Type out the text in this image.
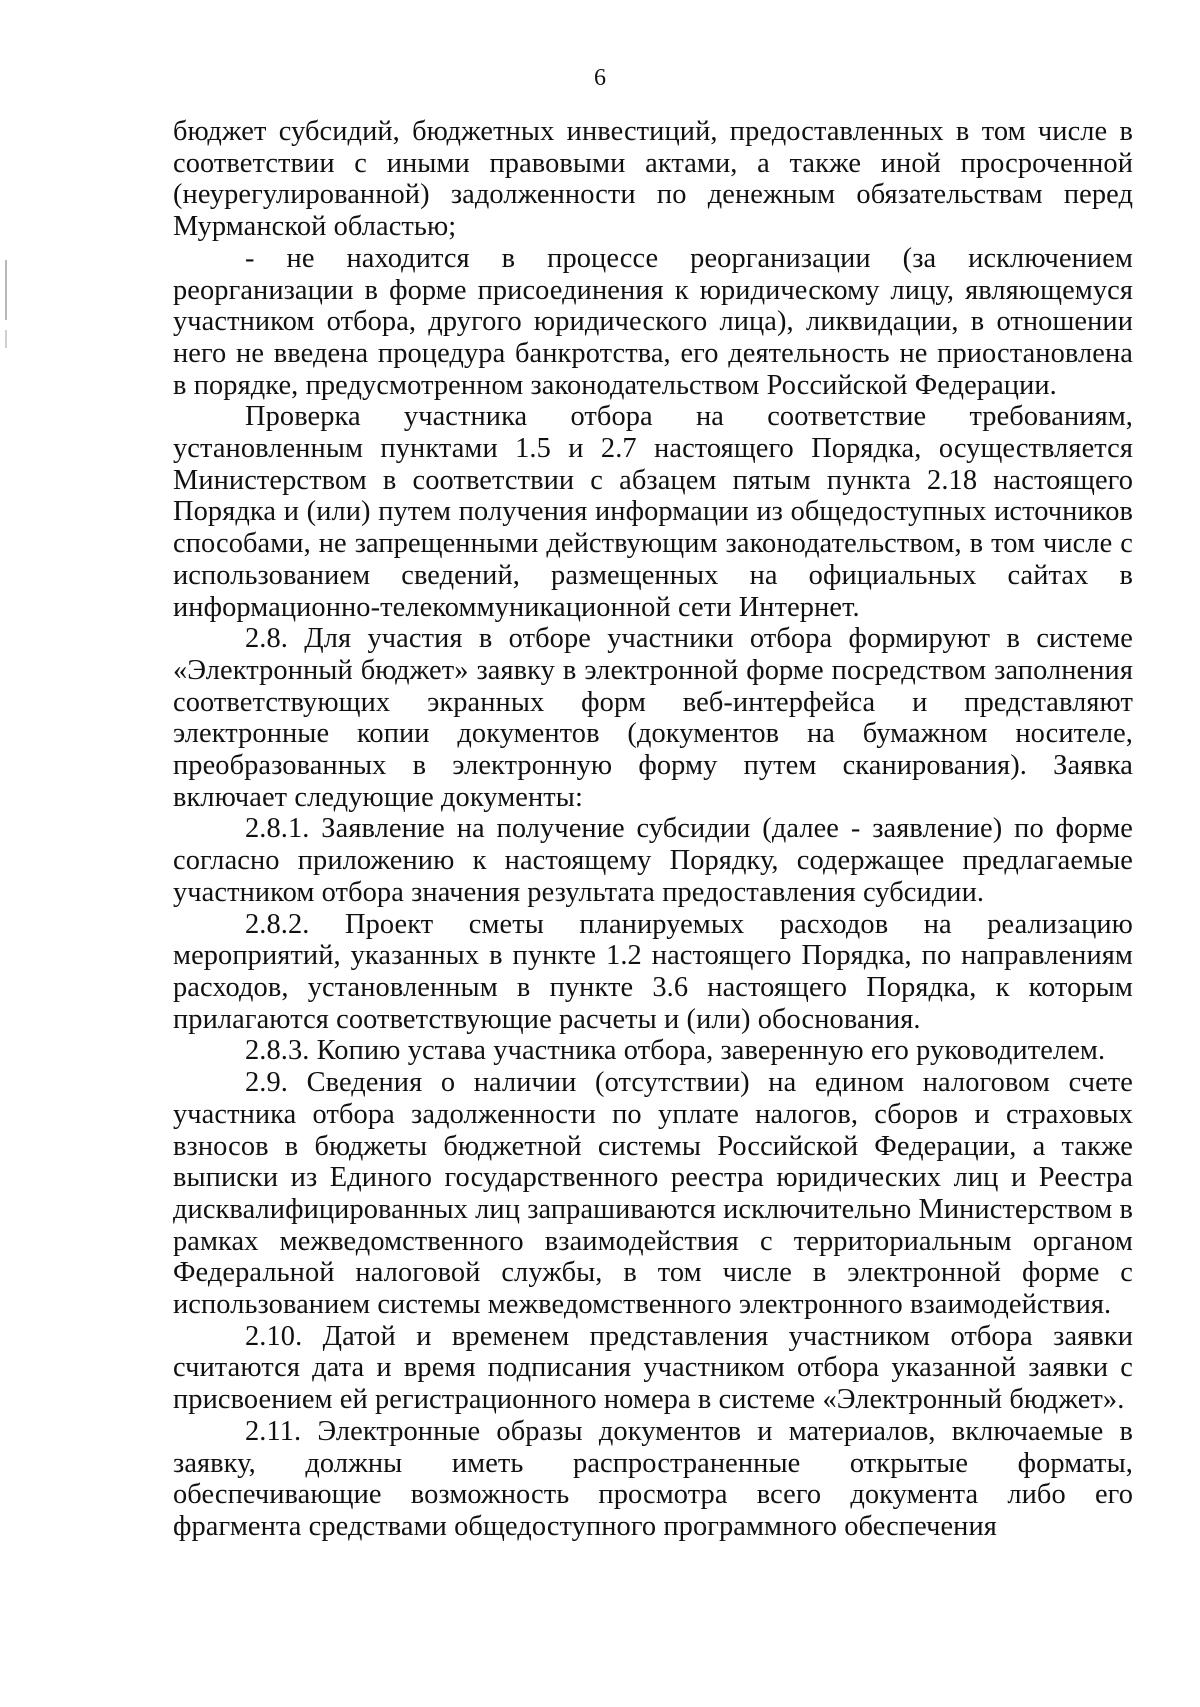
6

бюджет субсидий, бюджетных инвестиций, предоставленных в том числе в соответствии с иными правовыми актами, а также иной просроченной (неурегулированной) задолженности по денежным обязательствам перед Мурманской областью;

- не находится в процессе реорганизации (за исключением реорганизации в форме присоединения к юридическому лицу, являющемуся участником отбора, другого юридического лица), ликвидации, в отношении него не введена процедура банкротства, его деятельность не приостановлена в порядке, предусмотренном законодательством Российской Федерации.

Проверка участника отбора на соответствие требованиям, установленным пунктами 1.5 и 2.7 настоящего Порядка, осуществляется Министерством в соответствии с абзацем пятым пункта 2.18 настоящего Порядка и (или) путем получения информации из общедоступных источников способами, не запрещенными действующим законодательством, в том числе с использованием сведений, размещенных на официальных сайтах в информационно-телекоммуникационной сети Интернет.

2.8. Для участия в отборе участники отбора формируют в системе «Электронный бюджет» заявку в электронной форме посредством заполнения соответствующих экранных форм веб-интерфейса и представляют электронные копии документов (документов на бумажном носителе, преобразованных в электронную форму путем сканирования). Заявка включает следующие документы:

2.8.1. Заявление на получение субсидии (далее - заявление) по форме согласно приложению к настоящему Порядку, содержащее предлагаемые участником отбора значения результата предоставления субсидии.

2.8.2. Проект сметы планируемых расходов на реализацию мероприятий, указанных в пункте 1.2 настоящего Порядка, по направлениям расходов, установленным в пункте 3.6 настоящего Порядка, к которым прилагаются соответствующие расчеты и (или) обоснования.

2.8.3. Копию устава участника отбора, заверенную его руководителем.

2.9. Сведения о наличии (отсутствии) на едином налоговом счете участника отбора задолженности по уплате налогов, сборов и страховых взносов в бюджеты бюджетной системы Российской Федерации, а также выписки из Единого государственного реестра юридических лиц и Реестра дисквалифицированных лиц запрашиваются исключительно Министерством в рамках межведомственного взаимодействия с территориальным органом Федеральной налоговой службы, в том числе в электронной форме с использованием системы межведомственного электронного взаимодействия.

2.10. Датой и временем представления участником отбора заявки считаются дата и время подписания участником отбора указанной заявки с присвоением ей регистрационного номера в системе «Электронный бюджет».

2.11. Электронные образы документов и материалов, включаемые в заявку, должны иметь распространенные открытые форматы, обеспечивающие возможность просмотра всего документа либо его фрагмента средствами общедоступного программного обеспечения
